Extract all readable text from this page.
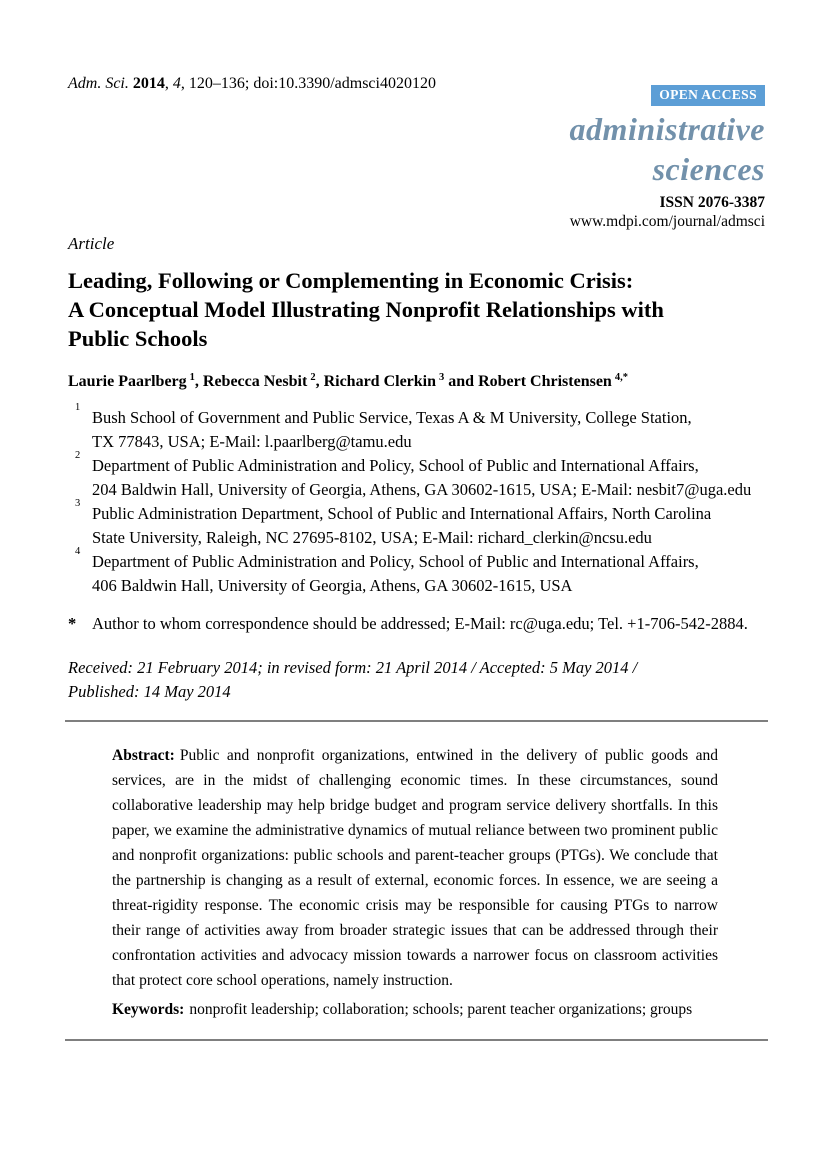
Adm. Sci. 2014, 4, 120–136; doi:10.3390/admsci4020120
OPEN ACCESS
administrative
sciences
ISSN 2076-3387
www.mdpi.com/journal/admsci
Article
Leading, Following or Complementing in Economic Crisis:
A Conceptual Model Illustrating Nonprofit Relationships with
Public Schools
Laurie Paarlberg $^1$, Rebecca Nesbit $^2$, Richard Clerkin $^3$ and Robert Christensen $^{4,*}$
1
Bush School of Government and Public Service, Texas A & M University, College Station,
TX 77843, USA; E-Mail: l.paarlberg@tamu.edu
2
Department of Public Administration and Policy, School of Public and International Affairs,
204 Baldwin Hall, University of Georgia, Athens, GA 30602-1615, USA; E-Mail: nesbit7@uga.edu
3
Public Administration Department, School of Public and International Affairs, North Carolina
State University, Raleigh, NC 27695-8102, USA; E-Mail: richard_clerkin@ncsu.edu
4
Department of Public Administration and Policy, School of Public and International Affairs,
406 Baldwin Hall, University of Georgia, Athens, GA 30602-1615, USA
* Author to whom correspondence should be addressed; E-Mail: rc@uga.edu; Tel. +1-706-542-2884.
Received: 21 February 2014; in revised form: 21 April 2014 / Accepted: 5 May 2014 /
Published: 14 May 2014
Abstract: Public and nonprofit organizations, entwined in the delivery of public goods and services, are in the midst of challenging economic times. In these circumstances, sound collaborative leadership may help bridge budget and program service delivery shortfalls. In this paper, we examine the administrative dynamics of mutual reliance between two prominent public and nonprofit organizations: public schools and parent-teacher groups (PTGs). We conclude that the partnership is changing as a result of external, economic forces. In essence, we are seeing a threat-rigidity response. The economic crisis may be responsible for causing PTGs to narrow their range of activities away from broader strategic issues that can be addressed through their confrontation activities and advocacy mission towards a narrower focus on classroom activities that protect core school operations, namely instruction.
Keywords: nonprofit leadership; collaboration; schools; parent teacher organizations; groups
